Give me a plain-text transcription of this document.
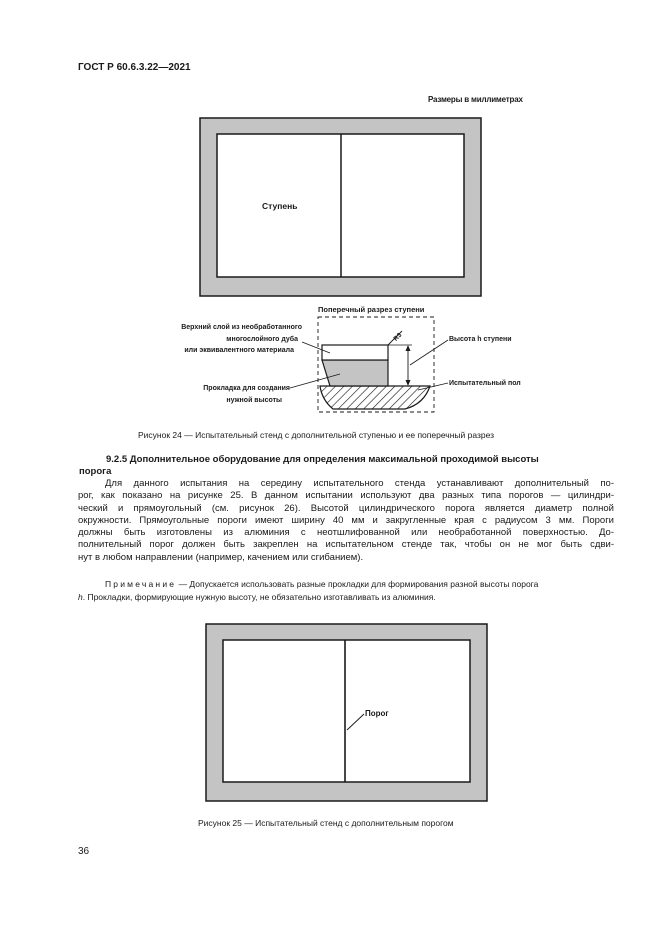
ГОСТ Р 60.6.3.22—2021
Размеры в миллиметрах
Ступень
Поперечный разрез ступени
R3
Верхний слой из необработанного
многослойного дуба
или эквивалентного материала
Прокладка для создания
нужной высоты
Высота h ступени
Испытательный пол
Порог
Рисунок 24 — Испытательный стенд с дополнительной ступенью и ее поперечный разрез
9.2.5 Дополнительное оборудование для определения максимальной проходимой высоты
порога
Для данного испытания на середину испытательного стенда устанавливают дополнительный по-
рог, как показано на рисунке 25. В данном испытании используют два разных типа порогов — цилиндри-
ческий и прямоугольный (см. рисунок 26). Высотой цилиндрического порога является диаметр полной
окружности. Прямоугольные пороги имеют ширину 40 мм и закругленные края с радиусом 3 мм. Пороги
должны быть изготовлены из алюминия с неотшлифованной или необработанной поверхностью. До-
полнительный порог должен быть закреплен на испытательном стенде так, чтобы он не мог быть сдви-
нут в любом направлении (например, качением или сгибанием).
Примечание — Допускается использовать разные прокладки для формирования разной высоты порога
h. Прокладки, формирующие нужную высоту, не обязательно изготавливать из алюминия.
Рисунок 25 — Испытательный стенд с дополнительным порогом
36
